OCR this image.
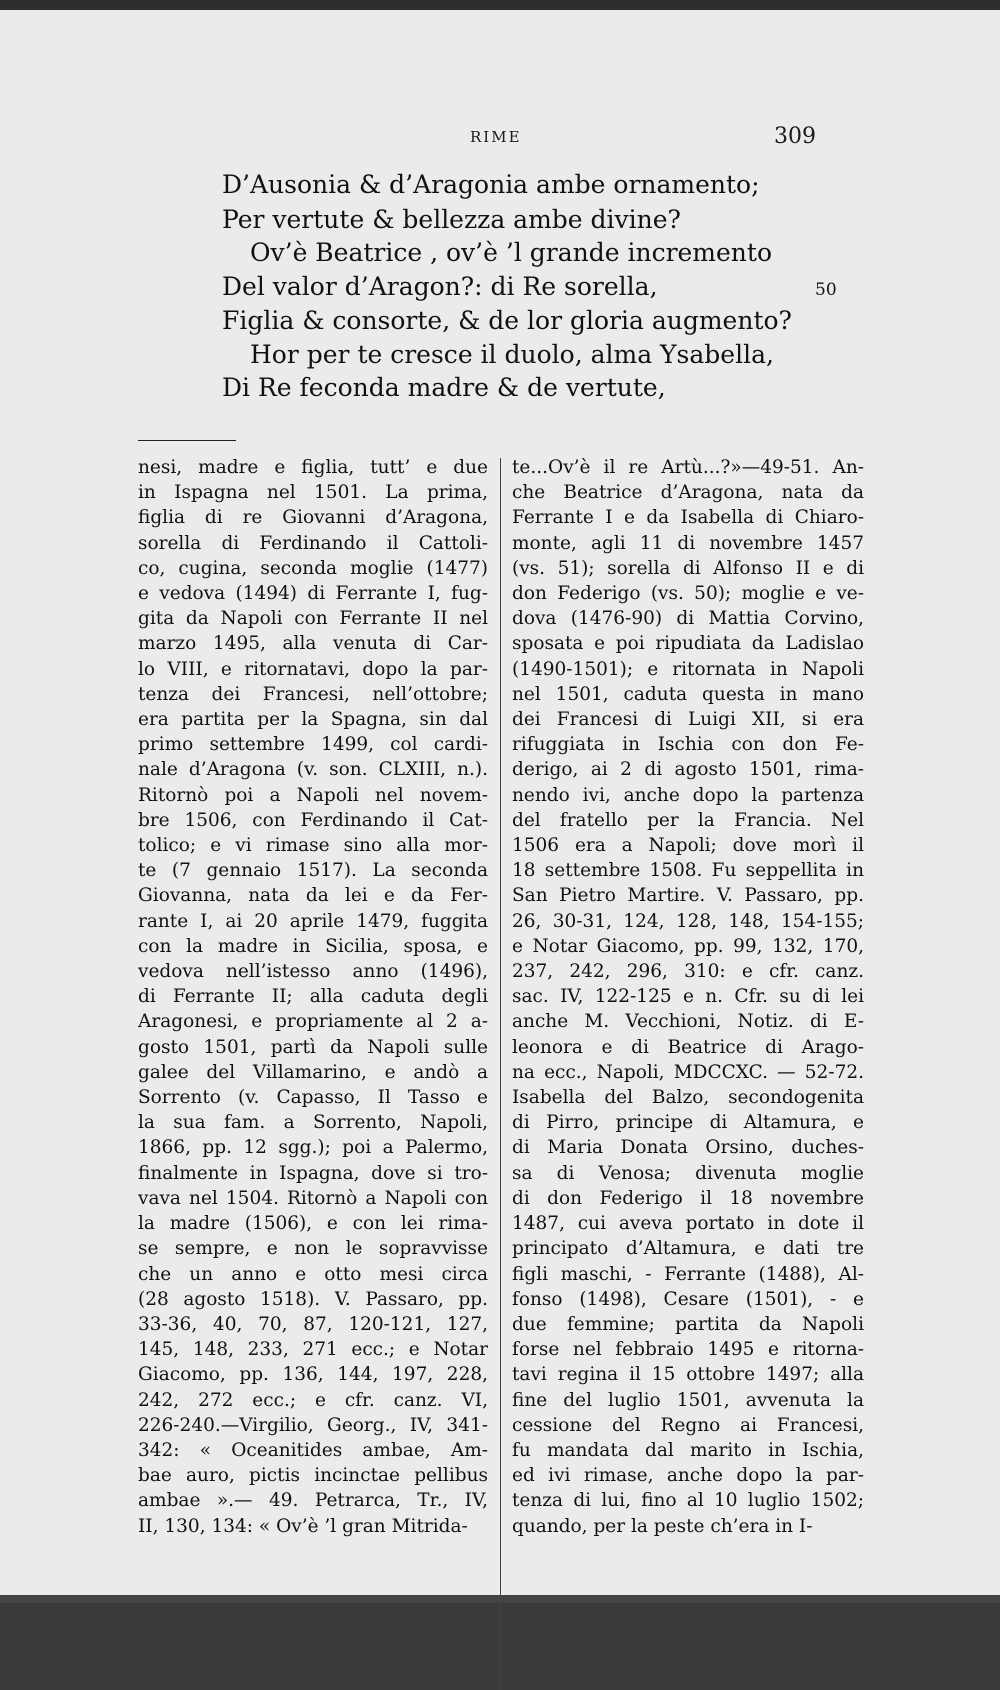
RIME	309
D’Ausonia & d’Aragonia ambe ornamento;
Per vertute & bellezza ambe divine?
Ov’è Beatrice , ov’è ’l grande incremento
Del valor d’Aragon?: di Re sorella,
Figlia & consorte, & de lor gloria augmento?
Hor per te cresce il duolo, alma Ysabella,
Di Re feconda madre & de vertute,
50
nesi, madre e figlia, tutt’ e due
in Ispagna nel 1501. La prima,
figlia di re Giovanni d’Aragona,
sorella di Ferdinando il Cattoli-
co, cugina, seconda moglie (1477)
e vedova (1494) di Ferrante I, fug-
gita da Napoli con Ferrante II nel
marzo 1495, alla venuta di Car-
lo VIII, e ritornatavi, dopo la par-
tenza dei Francesi, nell’ottobre;
era partita per la Spagna, sin dal
primo settembre 1499, col cardi-
nale d’Aragona (v. son. CLXIII, n.).
Ritornò poi a Napoli nel novem-
bre 1506, con Ferdinando il Cat-
tolico; e vi rimase sino alla mor-
te (7 gennaio 1517). La seconda
Giovanna, nata da lei e da Fer-
rante I, ai 20 aprile 1479, fuggita
con la madre in Sicilia, sposa, e
vedova nell’istesso anno (1496),
di Ferrante II; alla caduta degli
Aragonesi, e propriamente al 2 a-
gosto 1501, partì da Napoli sulle
galee del Villamarino, e andò a
Sorrento (v. Capasso, Il Tasso e
la sua fam. a Sorrento, Napoli,
1866, pp. 12 sgg.); poi a Palermo,
finalmente in Ispagna, dove si tro-
vava nel 1504. Ritornò a Napoli con
la madre (1506), e con lei rima-
se sempre, e non le sopravvisse
che un anno e otto mesi circa
(28 agosto 1518). V. Passaro, pp.
33-36, 40, 70, 87, 120-121, 127,
145, 148, 233, 271 ecc.; e Notar
Giacomo, pp. 136, 144, 197, 228,
242, 272 ecc.; e cfr. canz. VI,
226-240.—Virgilio, Georg., IV, 341-
342: « Oceanitides ambae, Am-
bae auro, pictis incinctae pellibus
ambae ».— 49. Petrarca, Tr., IV,
II, 130, 134: « Ov’è ’l gran Mitrida-
te...Ov’è il re Artù...?»—49-51. An-
che Beatrice d’Aragona, nata da
Ferrante I e da Isabella di Chiaro-
monte, agli 11 di novembre 1457
(vs. 51); sorella di Alfonso II e di
don Federigo (vs. 50); moglie e ve-
dova (1476-90) di Mattia Corvino,
sposata e poi ripudiata da Ladislao
(1490-1501); e ritornata in Napoli
nel 1501, caduta questa in mano
dei Francesi di Luigi XII, si era
rifuggiata in Ischia con don Fe-
derigo, ai 2 di agosto 1501, rima-
nendo ivi, anche dopo la partenza
del fratello per la Francia. Nel
1506 era a Napoli; dove morì il
18 settembre 1508. Fu seppellita in
San Pietro Martire. V. Passaro, pp.
26, 30-31, 124, 128, 148, 154-155;
e Notar Giacomo, pp. 99, 132, 170,
237, 242, 296, 310: e cfr. canz.
sac. IV, 122-125 e n. Cfr. su di lei
anche M. Vecchioni, Notiz. di E-
leonora e di Beatrice di Arago-
na ecc., Napoli, MDCCXC. — 52-72.
Isabella del Balzo, secondogenita
di Pirro, principe di Altamura, e
di Maria Donata Orsino, duches-
sa di Venosa; divenuta moglie
di don Federigo il 18 novembre
1487, cui aveva portato in dote il
principato d’Altamura, e dati tre
figli maschi, - Ferrante (1488), Al-
fonso (1498), Cesare (1501), - e
due femmine; partita da Napoli
forse nel febbraio 1495 e ritorna-
tavi regina il 15 ottobre 1497; alla
fine del luglio 1501, avvenuta la
cessione del Regno ai Francesi,
fu mandata dal marito in Ischia,
ed ivi rimase, anche dopo la par-
tenza di lui, fino al 10 luglio 1502;
quando, per la peste ch’era in I-
